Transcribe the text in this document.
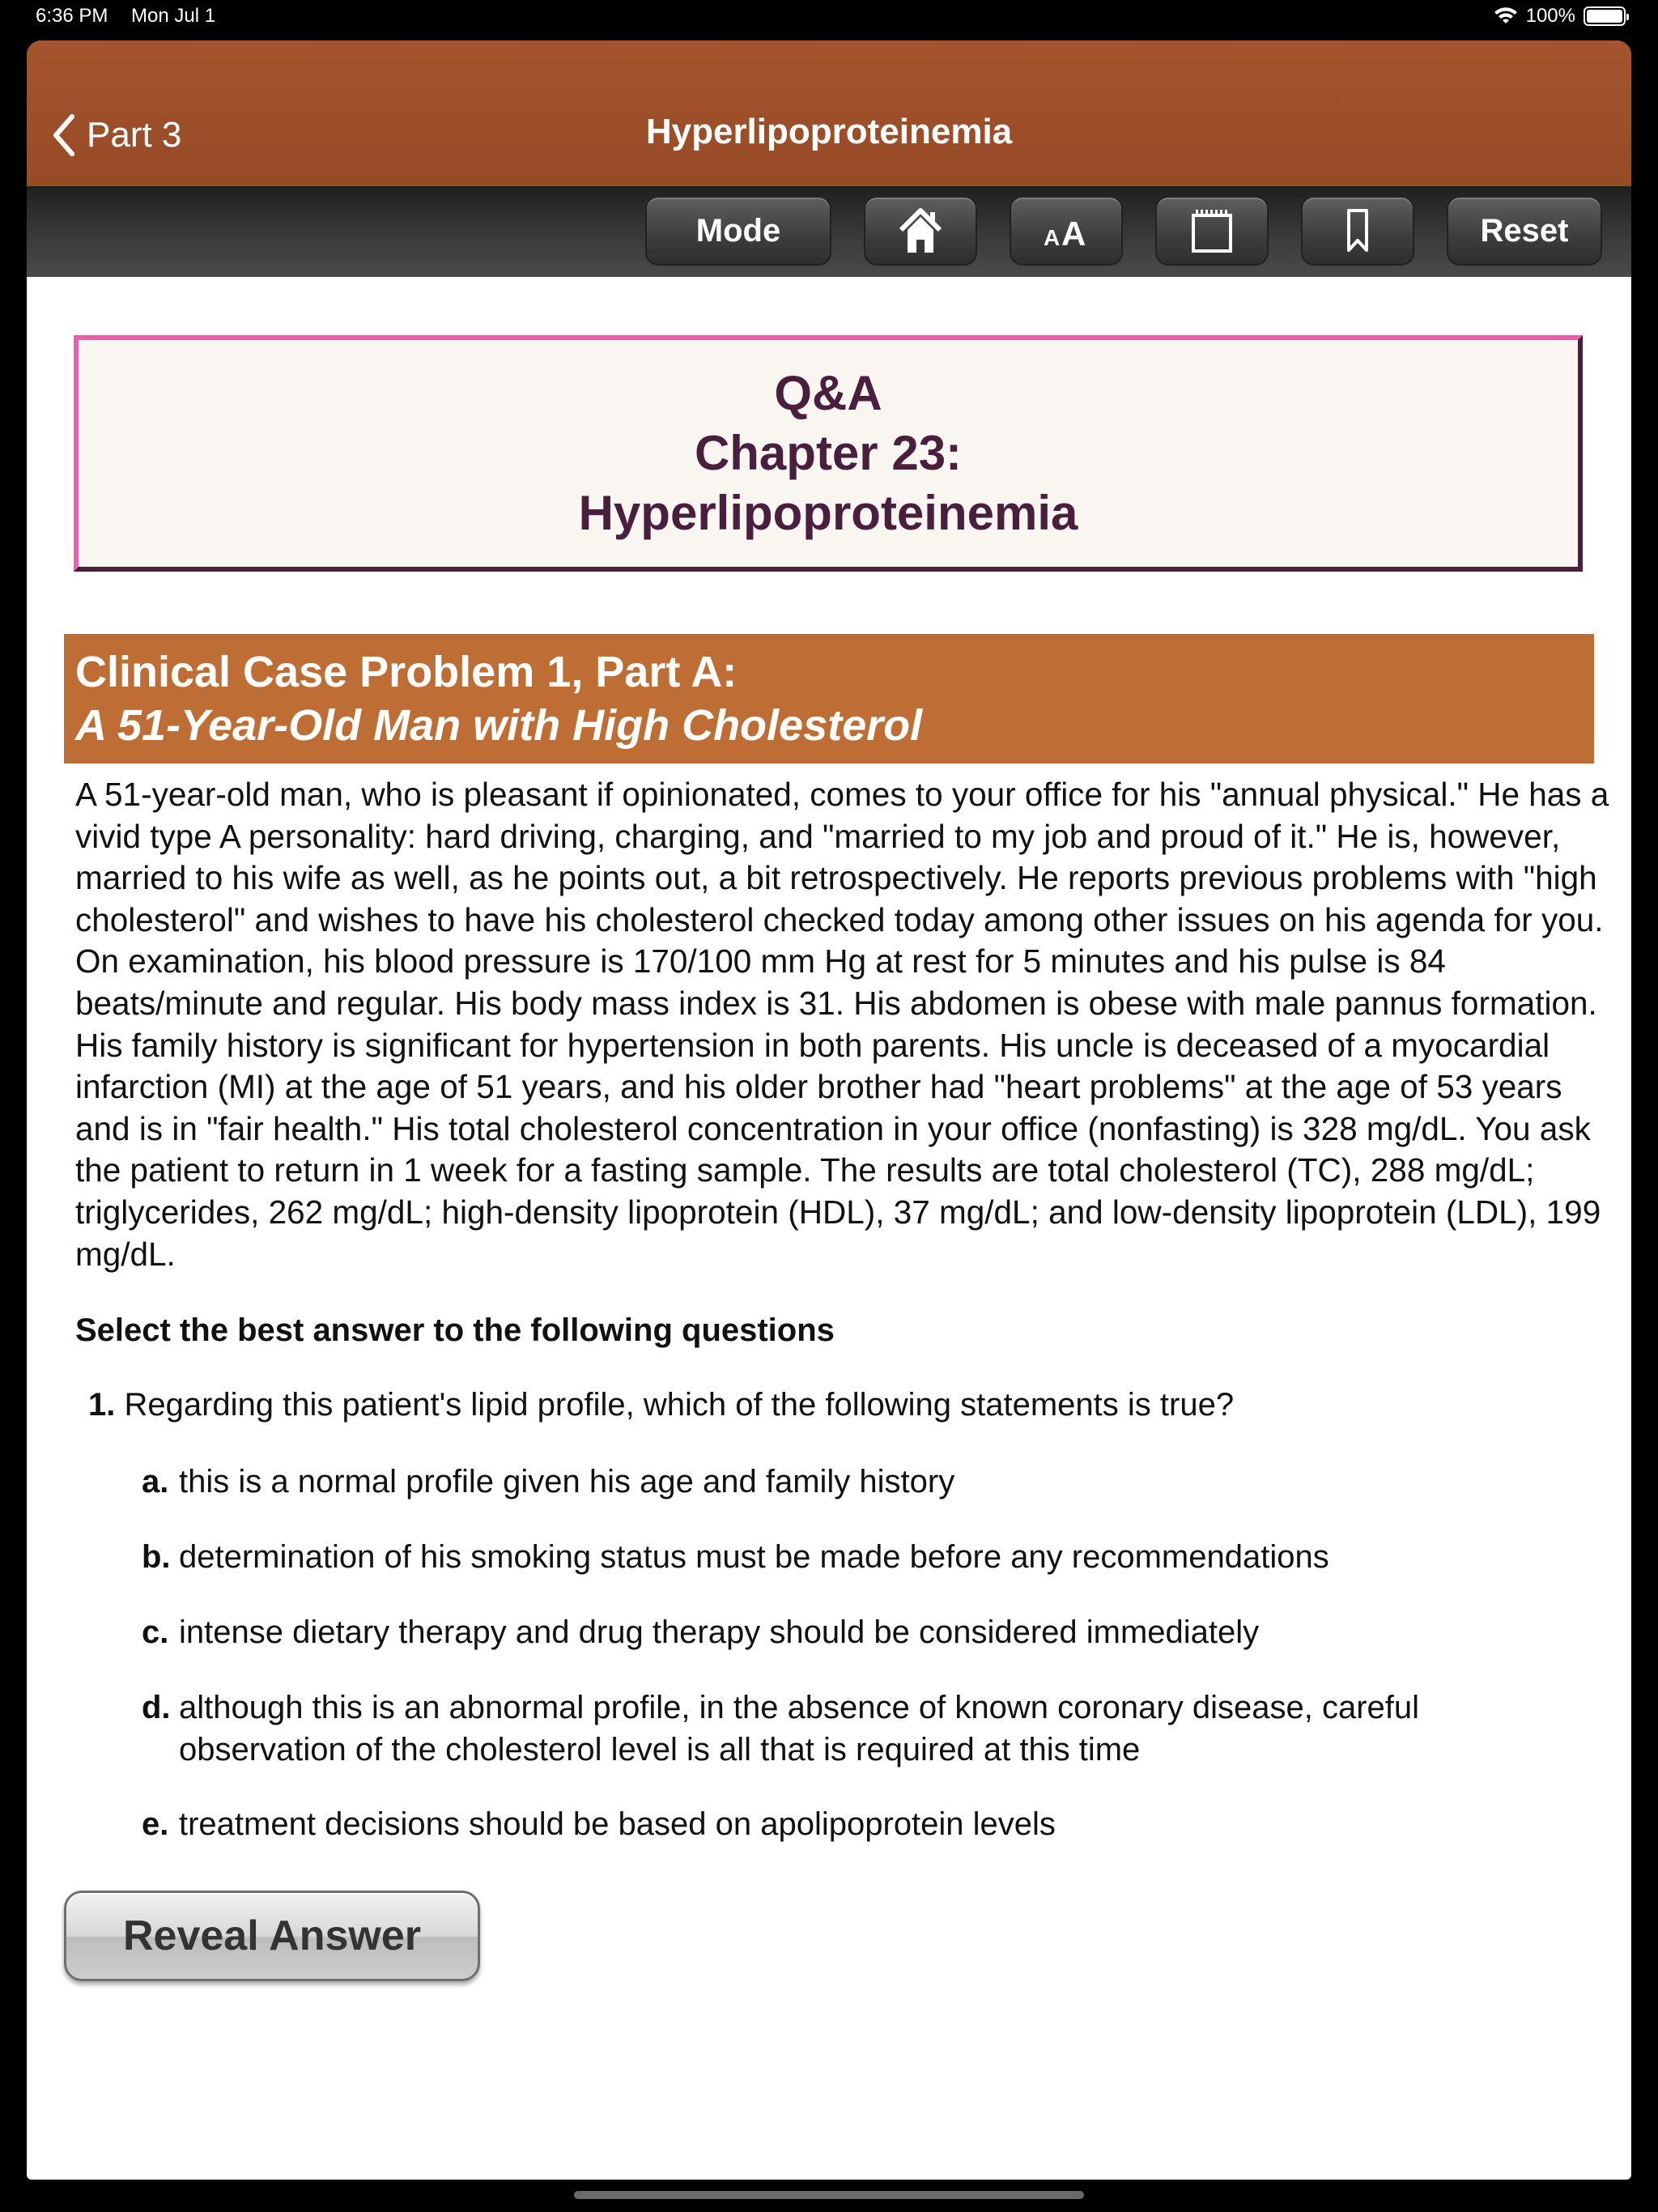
6:36 PM Mon Jul 1	100%
Part 3	Hyperlipoproteinemia
Mode	A A	Reset
Q&A
Chapter 23:
Hyperlipoproteinemia
Clinical Case Problem 1, Part A:
A 51-Year-Old Man with High Cholesterol
A 51-year-old man, who is pleasant if opinionated, comes to your office for his "annual physical." He has a vivid type A personality: hard driving, charging, and "married to my job and proud of it." He is, however, married to his wife as well, as he points out, a bit retrospectively. He reports previous problems with "high cholesterol" and wishes to have his cholesterol checked today among other issues on his agenda for you. On examination, his blood pressure is 170/100 mm Hg at rest for 5 minutes and his pulse is 84 beats/minute and regular. His body mass index is 31. His abdomen is obese with male pannus formation. His family history is significant for hypertension in both parents. His uncle is deceased of a myocardial infarction (MI) at the age of 51 years, and his older brother had "heart problems" at the age of 53 years and is in "fair health." His total cholesterol concentration in your office (nonfasting) is 328 mg/dL. You ask the patient to return in 1 week for a fasting sample. The results are total cholesterol (TC), 288 mg/dL; triglycerides, 262 mg/dL; high-density lipoprotein (HDL), 37 mg/dL; and low-density lipoprotein (LDL), 199 mg/dL.
Select the best answer to the following questions
1. Regarding this patient's lipid profile, which of the following statements is true?
a. this is a normal profile given his age and family history
b. determination of his smoking status must be made before any recommendations
c. intense dietary therapy and drug therapy should be considered immediately
d. although this is an abnormal profile, in the absence of known coronary disease, careful observation of the cholesterol level is all that is required at this time
e. treatment decisions should be based on apolipoprotein levels
Reveal Answer
